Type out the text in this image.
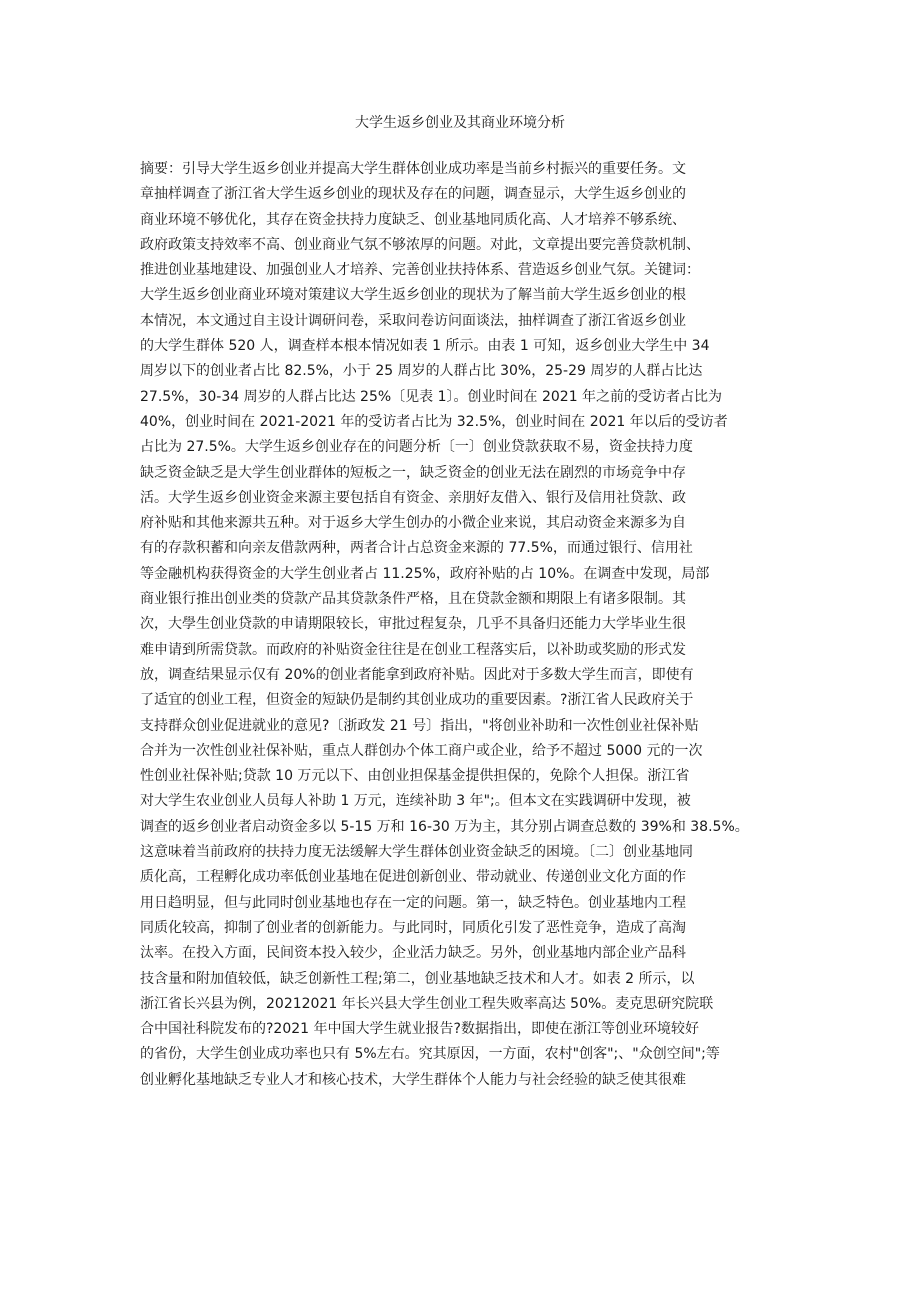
大学生返乡创业及其商业环境分析
摘要：引导大学生返乡创业并提高大学生群体创业成功率是当前乡村振兴的重要任务。文
章抽样调查了浙江省大学生返乡创业的现状及存在的问题，调查显示，大学生返乡创业的
商业环境不够优化，其存在资金扶持力度缺乏、创业基地同质化高、人才培养不够系统、
政府政策支持效率不高、创业商业气氛不够浓厚的问题。对此，文章提出要完善贷款机制、
推进创业基地建设、加强创业人才培养、完善创业扶持体系、营造返乡创业气氛。关键词：
大学生返乡创业商业环境对策建议大学生返乡创业的现状为了解当前大学生返乡创业的根
本情况，本文通过自主设计调研问卷，采取问卷访问面谈法，抽样调查了浙江省返乡创业
的大学生群体 520 人，调查样本根本情况如表 1 所示。由表 1 可知，返乡创业大学生中 34
周岁以下的创业者占比 82.5%，小于 25 周岁的人群占比 30%，25-29 周岁的人群占比达
27.5%，30-34 周岁的人群占比达 25%〔见表 1〕。创业时间在 2021 年之前的受访者占比为
40%，创业时间在 2021-2021 年的受访者占比为 32.5%，创业时间在 2021 年以后的受访者
占比为 27.5%。大学生返乡创业存在的问题分析〔一〕创业贷款获取不易，资金扶持力度
缺乏资金缺乏是大学生创业群体的短板之一，缺乏资金的创业无法在剧烈的市场竞争中存
活。大学生返乡创业资金来源主要包括自有资金、亲朋好友借入、银行及信用社贷款、政
府补贴和其他来源共五种。对于返乡大学生创办的小微企业来说，其启动资金来源多为自
有的存款积蓄和向亲友借款两种，两者合计占总资金来源的 77.5%，而通过银行、信用社
等金融机构获得资金的大学生创业者占 11.25%，政府补贴的占 10%。在调查中发现，局部
商业银行推出创业类的贷款产品其贷款条件严格，且在贷款金额和期限上有诸多限制。其
次，大學生创业贷款的申请期限较长，审批过程复杂，几乎不具备归还能力大学毕业生很
难申请到所需贷款。而政府的补贴资金往往是在创业工程落实后，以补助或奖励的形式发
放，调查结果显示仅有 20%的创业者能拿到政府补贴。因此对于多数大学生而言，即使有
了适宜的创业工程，但资金的短缺仍是制约其创业成功的重要因素。?浙江省人民政府关于
支持群众创业促进就业的意见?〔浙政发 21 号〕指出，"将创业补助和一次性创业社保补贴
合并为一次性创业社保补贴，重点人群创办个体工商户或企业，给予不超过 5000 元的一次
性创业社保补贴;贷款 10 万元以下、由创业担保基金提供担保的，免除个人担保。浙江省
对大学生农业创业人员每人补助 1 万元，连续补助 3 年";。但本文在实践调研中发现，被
调查的返乡创业者启动资金多以 5-15 万和 16-30 万为主，其分别占调查总数的 39%和 38.5%。
这意味着当前政府的扶持力度无法缓解大学生群体创业资金缺乏的困境。〔二〕创业基地同
质化高，工程孵化成功率低创业基地在促进创新创业、带动就业、传递创业文化方面的作
用日趋明显，但与此同时创业基地也存在一定的问题。第一，缺乏特色。创业基地内工程
同质化较高，抑制了创业者的创新能力。与此同时，同质化引发了恶性竞争，造成了高淘
汰率。在投入方面，民间资本投入较少，企业活力缺乏。另外，创业基地内部企业产品科
技含量和附加值较低，缺乏创新性工程;第二，创业基地缺乏技术和人才。如表 2 所示，以
浙江省长兴县为例，20212021 年长兴县大学生创业工程失败率高达 50%。麦克思研究院联
合中国社科院发布的?2021 年中国大学生就业报告?数据指出，即使在浙江等创业环境较好
的省份，大学生创业成功率也只有 5%左右。究其原因，一方面，农村"创客";、"众创空间";等
创业孵化基地缺乏专业人才和核心技术，大学生群体个人能力与社会经验的缺乏使其很难
